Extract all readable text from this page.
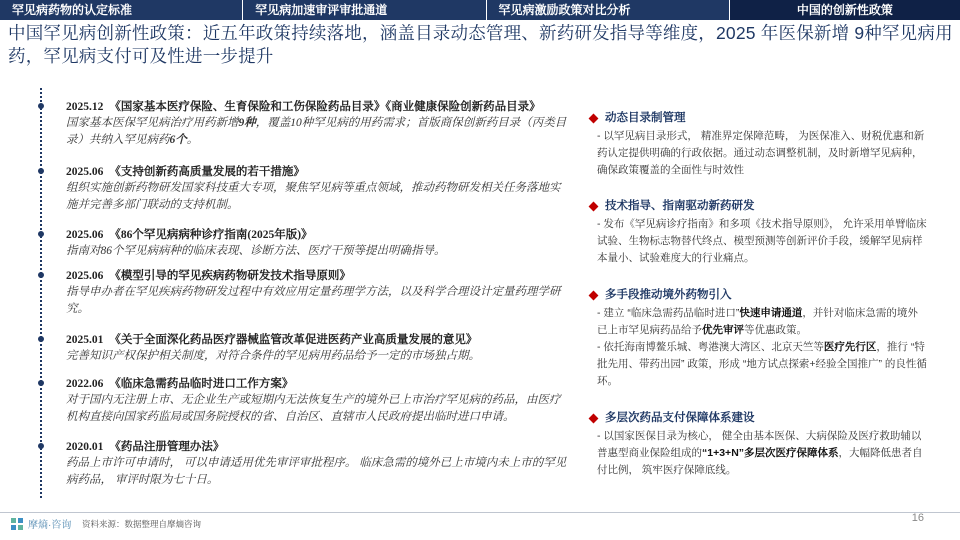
罕见病药物的认定标准	罕见病加速审评审批通道	罕见病激励政策对比分析	中国的创新性政策
中国罕见病创新性政策：近五年政策持续落地，涵盖目录动态管理、新药研发指导等维度，2025 年医保新增 9种罕见病用药，罕见病支付可及性进一步提升
2025.12 《国家基本医疗保险、生育保险和工伤保险药品目录》《商业健康保险创新药品目录》
国家基本医保罕见病治疗用药新增9种，覆盖10种罕见病的用药需求；首版商保创新药目录（丙类目录）共纳入罕见病药6个。
2025.06 《支持创新药高质量发展的若干措施》
组织实施创新药物研发国家科技重大专项，聚焦罕见病等重点领域，推动药物研发相关任务落地实施并完善多部门联动的支持机制。
2025.06 《86个罕见病病种诊疗指南(2025年版)》
指南对86个罕见病病种的临床表现、诊断方法、医疗干预等提出明确指导。
2025.06 《模型引导的罕见疾病药物研发技术指导原则》
指导申办者在罕见疾病药物研发过程中有效应用定量药理学方法，以及科学合理设计定量药理学研究。
2025.01 《关于全面深化药品医疗器械监管改革促进医药产业高质量发展的意见》
完善知识产权保护相关制度，对符合条件的罕见病用药品给予一定的市场独占期。
2022.06 《临床急需药品临时进口工作方案》
对于国内无注册上市、无企业生产或短期内无法恢复生产的境外已上市治疗罕见病的药品，由医疗机构直接向国家药监局或国务院授权的省、自治区、直辖市人民政府提出临时进口申请。
2020.01 《药品注册管理办法》
药品上市许可申请时， 可以申请适用优先审评审批程序。 临床急需的境外已上市境内未上市的罕见病药品， 审评时限为七十日。
动态目录制管理
- 以罕见病目录形式， 精准界定保障范畴， 为医保准入、财税优惠和新药认定提供明确的行政依据。通过动态调整机制，及时新增罕见病种，确保政策覆盖的全面性与时效性
技术指导、指南驱动新药研发
- 发布《罕见病诊疗指南》和多项《技术指导原则》， 允许采用单臂临床试验、生物标志物替代终点、模型预测等创新评价手段，缓解罕见病样本量小、试验难度大的行业痛点。
多手段推动境外药物引入
- 建立 “临床急需药品临时进口”快速申请通道，并针对临床急需的境外已上市罕见病药品给予优先审评等优惠政策。
- 依托海南博鳌乐城、粤港澳大湾区、北京天竺等医疗先行区，推行 “特批先用、带药出园” 政策，形成 “地方试点探索+经验全国推广” 的良性循环。
多层次药品支付保障体系建设
- 以国家医保目录为核心， 健全由基本医保、大病保险及医疗救助辅以普惠型商业保险组成的“1+3+N”多层次医疗保障体系，大幅降低患者自付比例， 筑牢医疗保障底线。
摩熵·咨询 资料来源：数据整理自摩熵咨询	16
